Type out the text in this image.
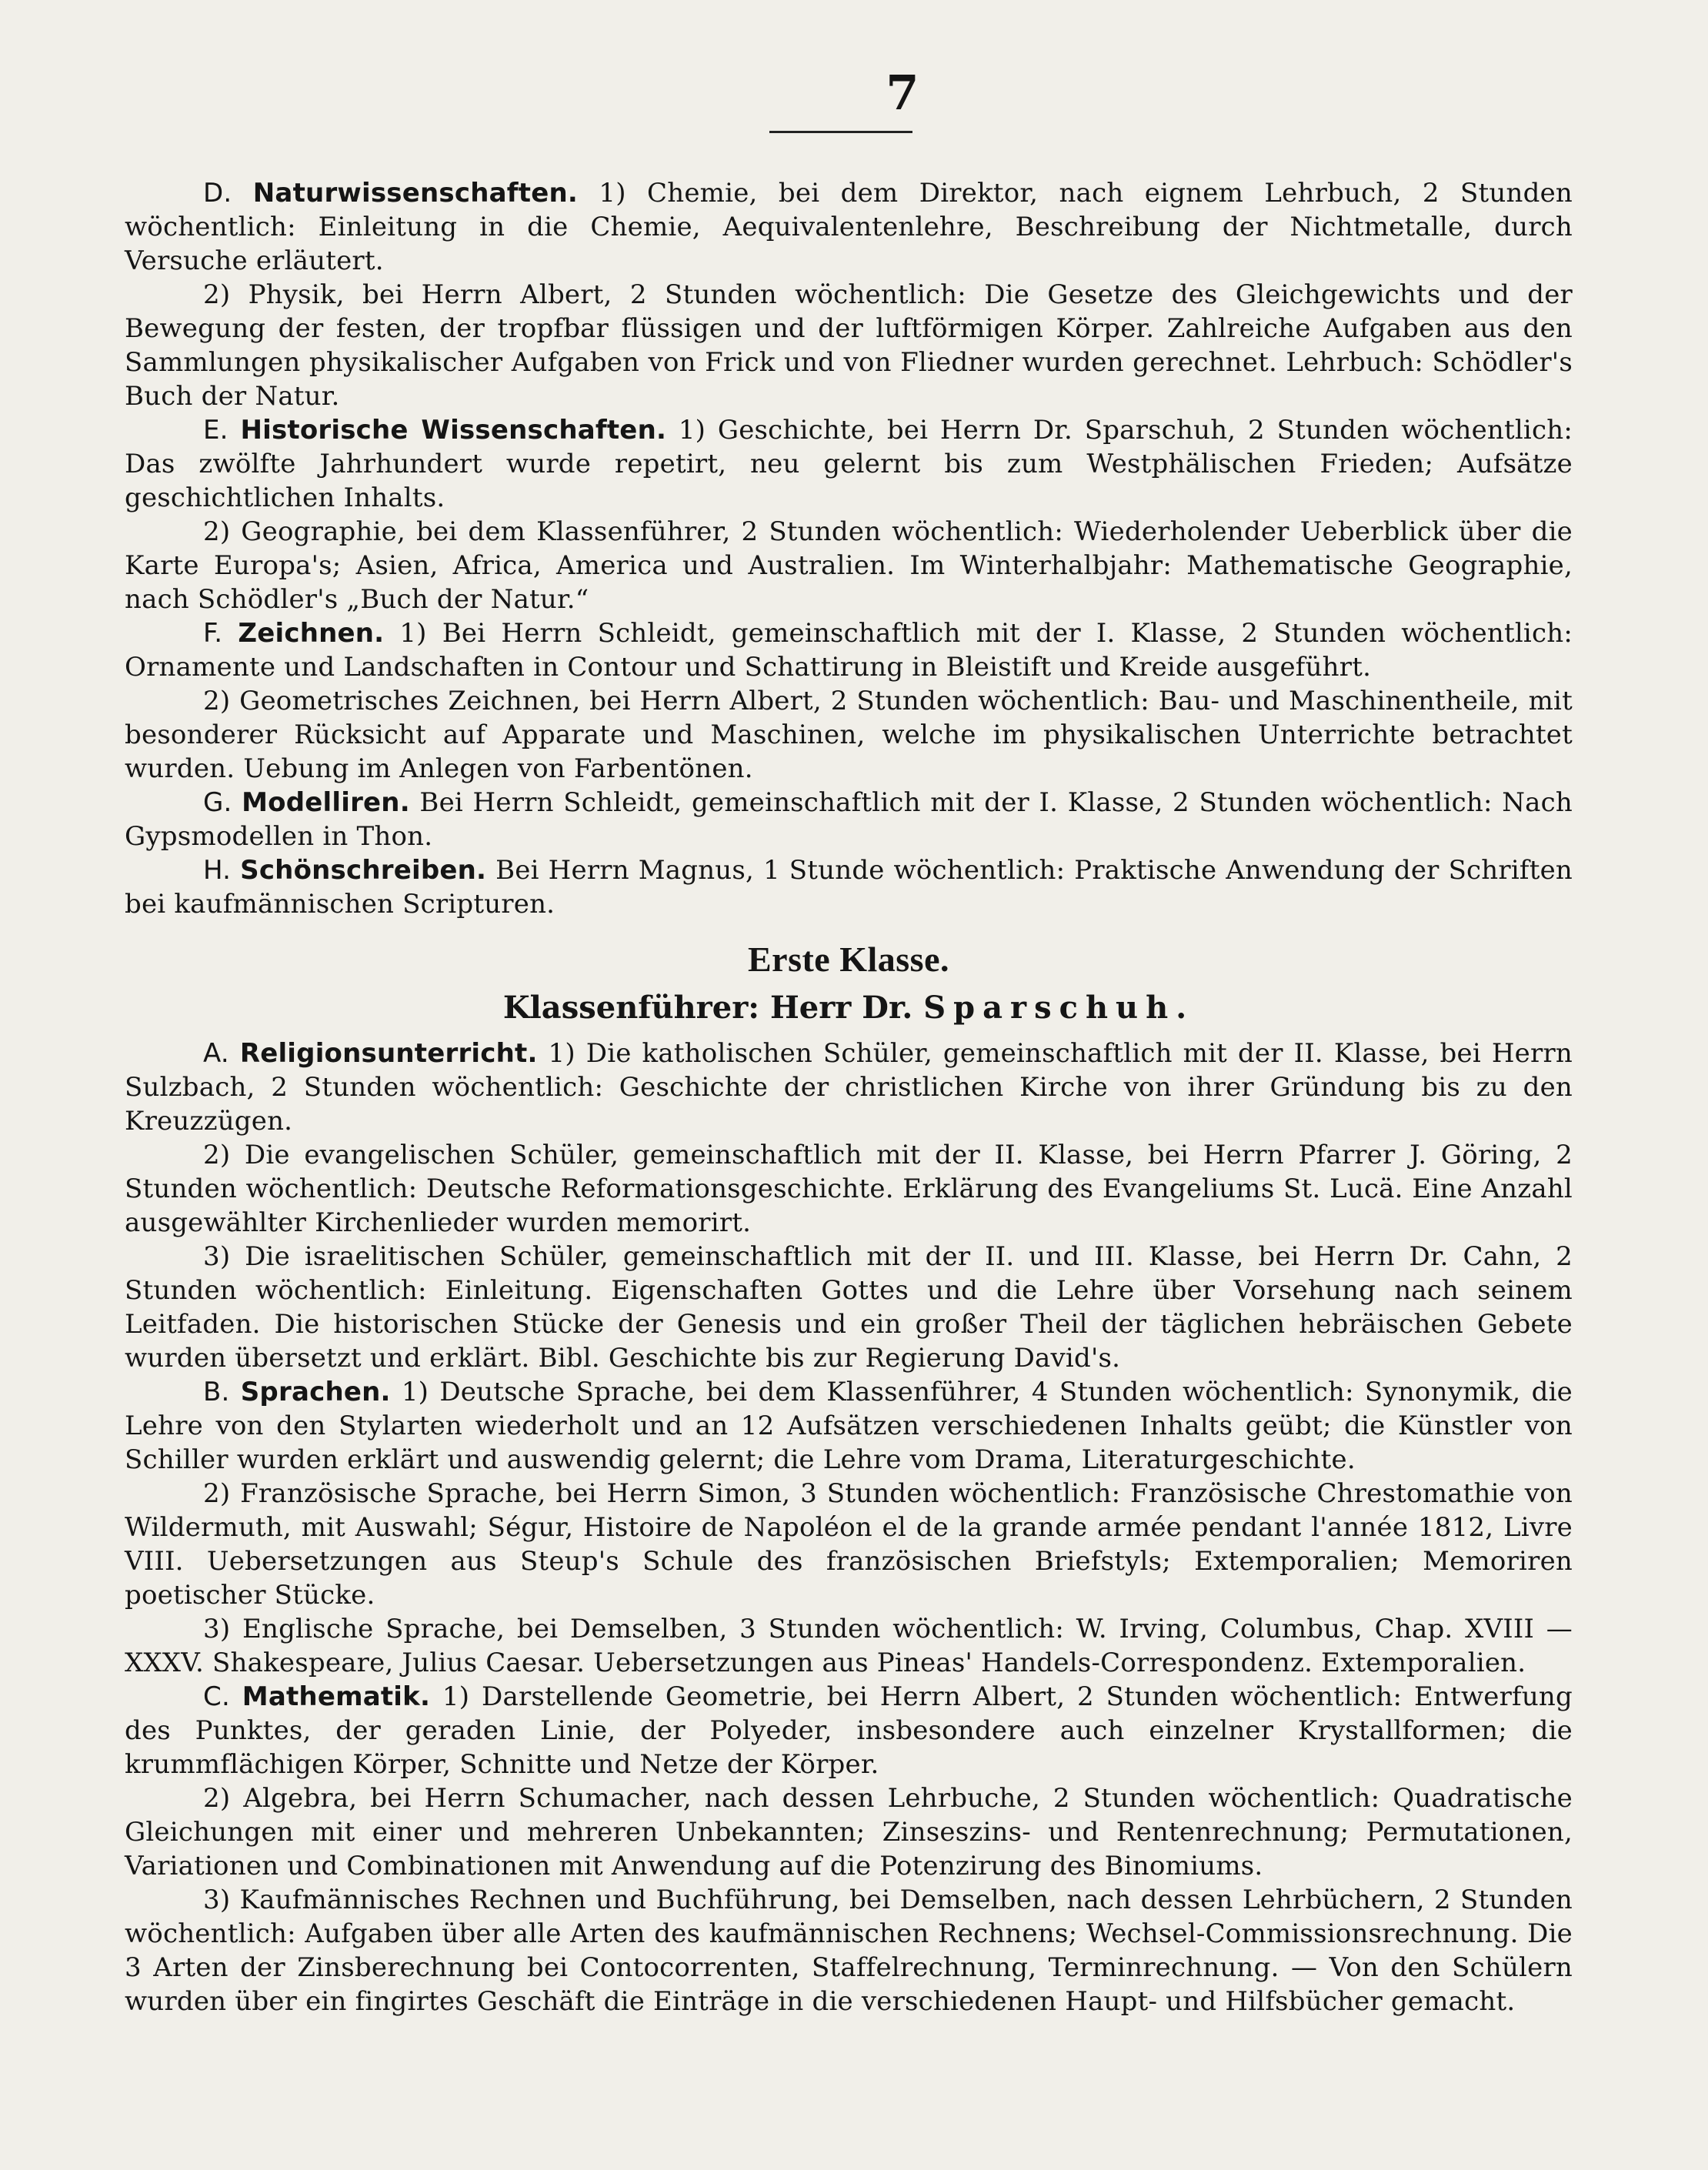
7

D. Naturwissenschaften. 1) Chemie, bei dem Direktor, nach eignem Lehrbuch, 2 Stunden wöchentlich: Einleitung in die Chemie, Aequivalentenlehre, Beschreibung der Nichtmetalle, durch Versuche erläutert.

2) Physik, bei Herrn Albert, 2 Stunden wöchentlich: Die Gesetze des Gleichgewichts und der Bewegung der festen, der tropfbar flüssigen und der luftförmigen Körper. Zahlreiche Aufgaben aus den Sammlungen physikalischer Aufgaben von Frick und von Fliedner wurden gerechnet. Lehrbuch: Schödler's Buch der Natur.

E. Historische Wissenschaften. 1) Geschichte, bei Herrn Dr. Sparschuh, 2 Stunden wöchentlich: Das zwölfte Jahrhundert wurde repetirt, neu gelernt bis zum Westphälischen Frieden; Aufsätze geschichtlichen Inhalts.

2) Geographie, bei dem Klassenführer, 2 Stunden wöchentlich: Wiederholender Ueberblick über die Karte Europa's; Asien, Africa, America und Australien. Im Winterhalbjahr: Mathematische Geographie, nach Schödler's „Buch der Natur.“

F. Zeichnen. 1) Bei Herrn Schleidt, gemeinschaftlich mit der I. Klasse, 2 Stunden wöchentlich: Ornamente und Landschaften in Contour und Schattirung in Bleistift und Kreide ausgeführt.

2) Geometrisches Zeichnen, bei Herrn Albert, 2 Stunden wöchentlich: Bau- und Maschinentheile, mit besonderer Rücksicht auf Apparate und Maschinen, welche im physikalischen Unterrichte betrachtet wurden. Uebung im Anlegen von Farbentönen.

G. Modelliren. Bei Herrn Schleidt, gemeinschaftlich mit der I. Klasse, 2 Stunden wöchentlich: Nach Gypsmodellen in Thon.

H. Schönschreiben. Bei Herrn Magnus, 1 Stunde wöchentlich: Praktische Anwendung der Schriften bei kaufmännischen Scripturen.

Erste Klasse.
Klassenführer: Herr Dr. Sparschuh.

A. Religionsunterricht. 1) Die katholischen Schüler, gemeinschaftlich mit der II. Klasse, bei Herrn Sulzbach, 2 Stunden wöchentlich: Geschichte der christlichen Kirche von ihrer Gründung bis zu den Kreuzzügen.

2) Die evangelischen Schüler, gemeinschaftlich mit der II. Klasse, bei Herrn Pfarrer J. Göring, 2 Stunden wöchentlich: Deutsche Reformationsgeschichte. Erklärung des Evangeliums St. Lucä. Eine Anzahl ausgewählter Kirchenlieder wurden memorirt.

3) Die israelitischen Schüler, gemeinschaftlich mit der II. und III. Klasse, bei Herrn Dr. Cahn, 2 Stunden wöchentlich: Einleitung. Eigenschaften Gottes und die Lehre über Vorsehung nach seinem Leitfaden. Die historischen Stücke der Genesis und ein großer Theil der täglichen hebräischen Gebete wurden übersetzt und erklärt. Bibl. Geschichte bis zur Regierung David's.

B. Sprachen. 1) Deutsche Sprache, bei dem Klassenführer, 4 Stunden wöchentlich: Synonymik, die Lehre von den Stylarten wiederholt und an 12 Aufsätzen verschiedenen Inhalts geübt; die Künstler von Schiller wurden erklärt und auswendig gelernt; die Lehre vom Drama, Literaturgeschichte.

2) Französische Sprache, bei Herrn Simon, 3 Stunden wöchentlich: Französische Chrestomathie von Wildermuth, mit Auswahl; Ségur, Histoire de Napoléon el de la grande armée pendant l'année 1812, Livre VIII. Uebersetzungen aus Steup's Schule des französischen Briefstyls; Extemporalien; Memoriren poetischer Stücke.

3) Englische Sprache, bei Demselben, 3 Stunden wöchentlich: W. Irving, Columbus, Chap. XVIII — XXXV. Shakespeare, Julius Caesar. Uebersetzungen aus Pineas' Handels-Correspondenz. Extemporalien.

C. Mathematik. 1) Darstellende Geometrie, bei Herrn Albert, 2 Stunden wöchentlich: Entwerfung des Punktes, der geraden Linie, der Polyeder, insbesondere auch einzelner Krystallformen; die krummflächigen Körper, Schnitte und Netze der Körper.

2) Algebra, bei Herrn Schumacher, nach dessen Lehrbuche, 2 Stunden wöchentlich: Quadratische Gleichungen mit einer und mehreren Unbekannten; Zinseszins- und Rentenrechnung; Permutationen, Variationen und Combinationen mit Anwendung auf die Potenzirung des Binomiums.

3) Kaufmännisches Rechnen und Buchführung, bei Demselben, nach dessen Lehrbüchern, 2 Stunden wöchentlich: Aufgaben über alle Arten des kaufmännischen Rechnens; Wechsel-Commissionsrechnung. Die 3 Arten der Zinsberechnung bei Contocorrenten, Staffelrechnung, Terminrechnung. — Von den Schülern wurden über ein fingirtes Geschäft die Einträge in die verschiedenen Haupt- und Hilfsbücher gemacht.
